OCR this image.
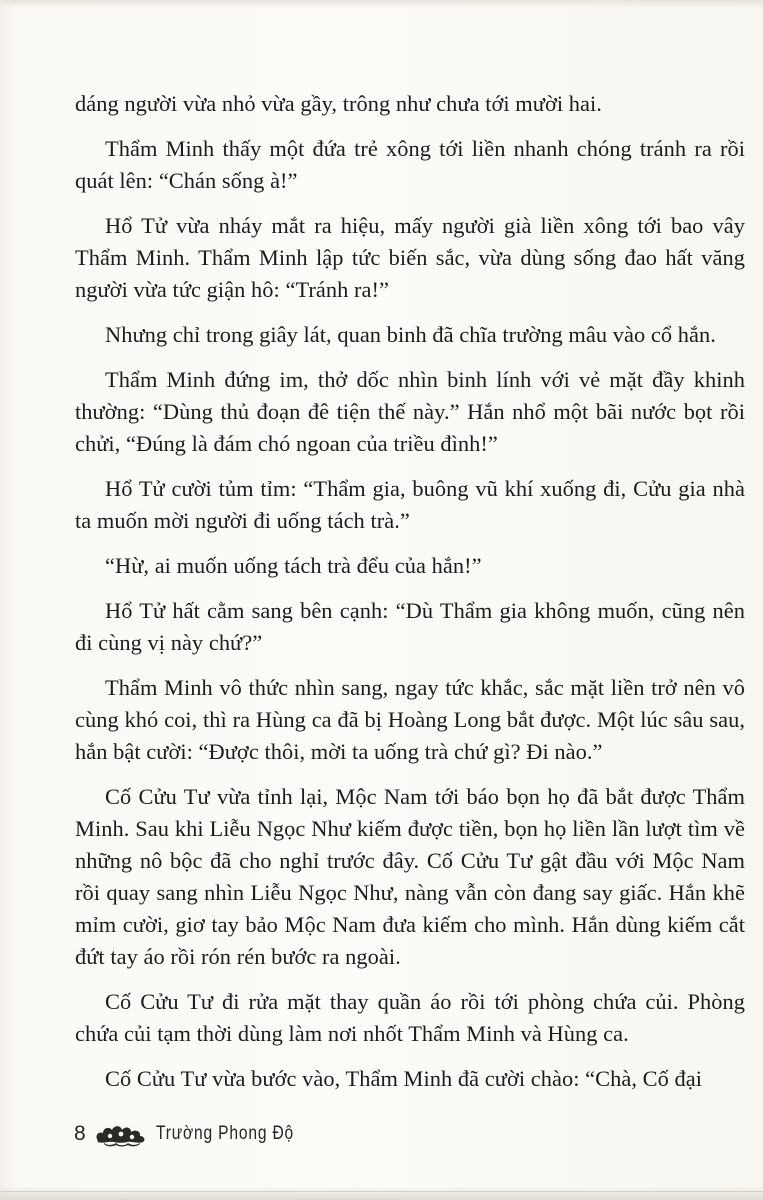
dáng người vừa nhỏ vừa gầy, trông như chưa tới mười hai.

Thẩm Minh thấy một đứa trẻ xông tới liền nhanh chóng tránh ra rồi quát lên: “Chán sống à!”

Hổ Tử vừa nháy mắt ra hiệu, mấy người già liền xông tới bao vây Thẩm Minh. Thẩm Minh lập tức biến sắc, vừa dùng sống đao hất văng người vừa tức giận hô: “Tránh ra!”

Nhưng chỉ trong giây lát, quan binh đã chĩa trường mâu vào cổ hắn.

Thẩm Minh đứng im, thở dốc nhìn binh lính với vẻ mặt đầy khinh thường: “Dùng thủ đoạn đê tiện thế này.” Hắn nhổ một bãi nước bọt rồi chửi, “Đúng là đám chó ngoan của triều đình!”

Hổ Tử cười tủm tỉm: “Thẩm gia, buông vũ khí xuống đi, Cửu gia nhà ta muốn mời người đi uống tách trà.”

“Hừ, ai muốn uống tách trà đểu của hắn!”

Hổ Tử hất cằm sang bên cạnh: “Dù Thẩm gia không muốn, cũng nên đi cùng vị này chứ?”

Thẩm Minh vô thức nhìn sang, ngay tức khắc, sắc mặt liền trở nên vô cùng khó coi, thì ra Hùng ca đã bị Hoàng Long bắt được. Một lúc sâu sau, hắn bật cười: “Được thôi, mời ta uống trà chứ gì? Đi nào.”

Cố Cửu Tư vừa tỉnh lại, Mộc Nam tới báo bọn họ đã bắt được Thẩm Minh. Sau khi Liễu Ngọc Như kiếm được tiền, bọn họ liền lần lượt tìm về những nô bộc đã cho nghỉ trước đây. Cố Cửu Tư gật đầu với Mộc Nam rồi quay sang nhìn Liễu Ngọc Như, nàng vẫn còn đang say giấc. Hắn khẽ mỉm cười, giơ tay bảo Mộc Nam đưa kiếm cho mình. Hắn dùng kiếm cắt đứt tay áo rồi rón rén bước ra ngoài.

Cố Cửu Tư đi rửa mặt thay quần áo rồi tới phòng chứa củi. Phòng chứa củi tạm thời dùng làm nơi nhốt Thẩm Minh và Hùng ca.

Cố Cửu Tư vừa bước vào, Thẩm Minh đã cười chào: “Chà, Cố đại

8	Trường Phong Độ
